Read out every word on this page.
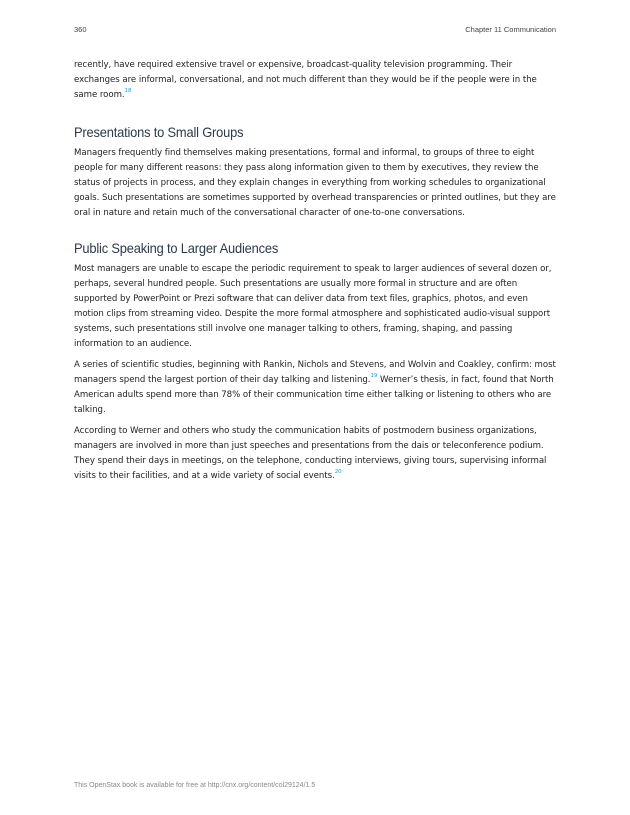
360	Chapter 11 Communication

recently, have required extensive travel or expensive, broadcast-quality television programming. Their exchanges are informal, conversational, and not much different than they would be if the people were in the same room.$^{18}$

Presentations to Small Groups

Managers frequently find themselves making presentations, formal and informal, to groups of three to eight people for many different reasons: they pass along information given to them by executives, they review the status of projects in process, and they explain changes in everything from working schedules to organizational goals. Such presentations are sometimes supported by overhead transparencies or printed outlines, but they are oral in nature and retain much of the conversational character of one-to-one conversations.

Public Speaking to Larger Audiences

Most managers are unable to escape the periodic requirement to speak to larger audiences of several dozen or, perhaps, several hundred people. Such presentations are usually more formal in structure and are often supported by PowerPoint or Prezi software that can deliver data from text files, graphics, photos, and even motion clips from streaming video. Despite the more formal atmosphere and sophisticated audio-visual support systems, such presentations still involve one manager talking to others, framing, shaping, and passing information to an audience.

A series of scientific studies, beginning with Rankin, Nichols and Stevens, and Wolvin and Coakley, confirm: most managers spend the largest portion of their day talking and listening.$^{19}$ Werner’s thesis, in fact, found that North American adults spend more than 78% of their communication time either talking or listening to others who are talking.

According to Werner and others who study the communication habits of postmodern business organizations, managers are involved in more than just speeches and presentations from the dais or teleconference podium. They spend their days in meetings, on the telephone, conducting interviews, giving tours, supervising informal visits to their facilities, and at a wide variety of social events.$^{20}$

This OpenStax book is available for free at http://cnx.org/content/col29124/1.5
